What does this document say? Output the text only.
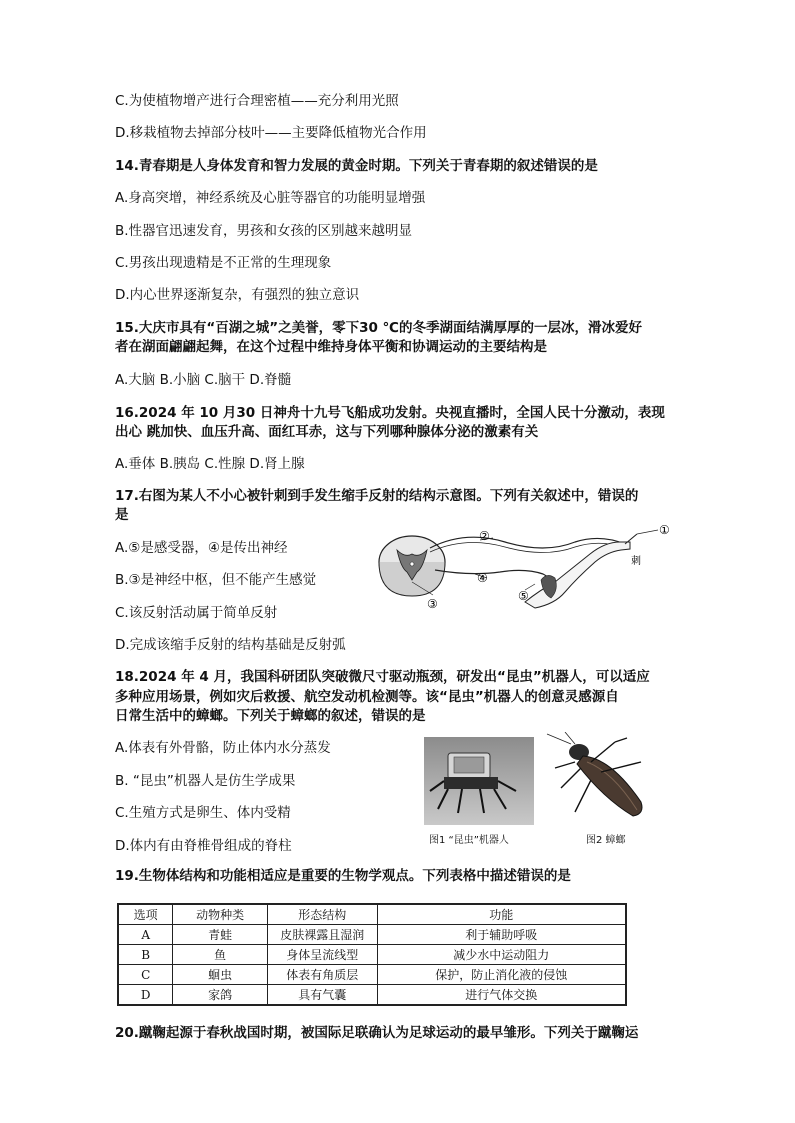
C.为使植物增产进行合理密植——充分利用光照
D.移栽植物去掉部分枝叶——主要降低植物光合作用
14.青春期是人身体发育和智力发展的黄金时期。下列关于青春期的叙述错误的是
A.身高突增，神经系统及心脏等器官的功能明显增强
B.性器官迅速发育，男孩和女孩的区别越来越明显
C.男孩出现遗精是不正常的生理现象
D.内心世界逐渐复杂，有强烈的独立意识
15.大庆市具有“百湖之城”之美誉，零下30 ℃的冬季湖面结满厚厚的一层冰，滑冰爱好
者在湖面翩翩起舞，在这个过程中维持身体平衡和协调运动的主要结构是
A.大脑 B.小脑 C.脑干 D.脊髓
16.2024 年 10 月30 日神舟十九号飞船成功发射。央视直播时，全国人民十分激动，表现
出心 跳加快、血压升高、面红耳赤，这与下列哪种腺体分泌的激素有关
A.垂体 B.胰岛 C.性腺 D.肾上腺
17.右图为某人不小心被针刺到手发生缩手反射的结构示意图。下列有关叙述中，错误的
是
A.⑤是感受器，④是传出神经
B.③是神经中枢，但不能产生感觉
C.该反射活动属于简单反射
D.完成该缩手反射的结构基础是反射弧
①
②
③
④
⑤
刺
18.2024 年 4 月，我国科研团队突破微尺寸驱动瓶颈，研发出“昆虫”机器人，可以适应
多种应用场景，例如灾后救援、航空发动机检测等。该“昆虫”机器人的创意灵感源自
日常生活中的蟑螂。下列关于蟑螂的叙述，错误的是
A.体表有外骨骼，防止体内水分蒸发
B. “昆虫”机器人是仿生学成果
C.生殖方式是卵生、体内受精
D.体内有由脊椎骨组成的脊柱	图1 “昆虫”机器人	图2 蟑螂
19.生物体结构和功能相适应是重要的生物学观点。下列表格中描述错误的是
选项	动物种类	形态结构	功能
A	青蛙	皮肤裸露且湿润	利于辅助呼吸
B	鱼	身体呈流线型	减少水中运动阻力
C	蛔虫	体表有角质层	保护，防止消化液的侵蚀
D	家鸽	具有气囊	进行气体交换
20.蹴鞠起源于春秋战国时期，被国际足联确认为足球运动的最早雏形。下列关于蹴鞠运
